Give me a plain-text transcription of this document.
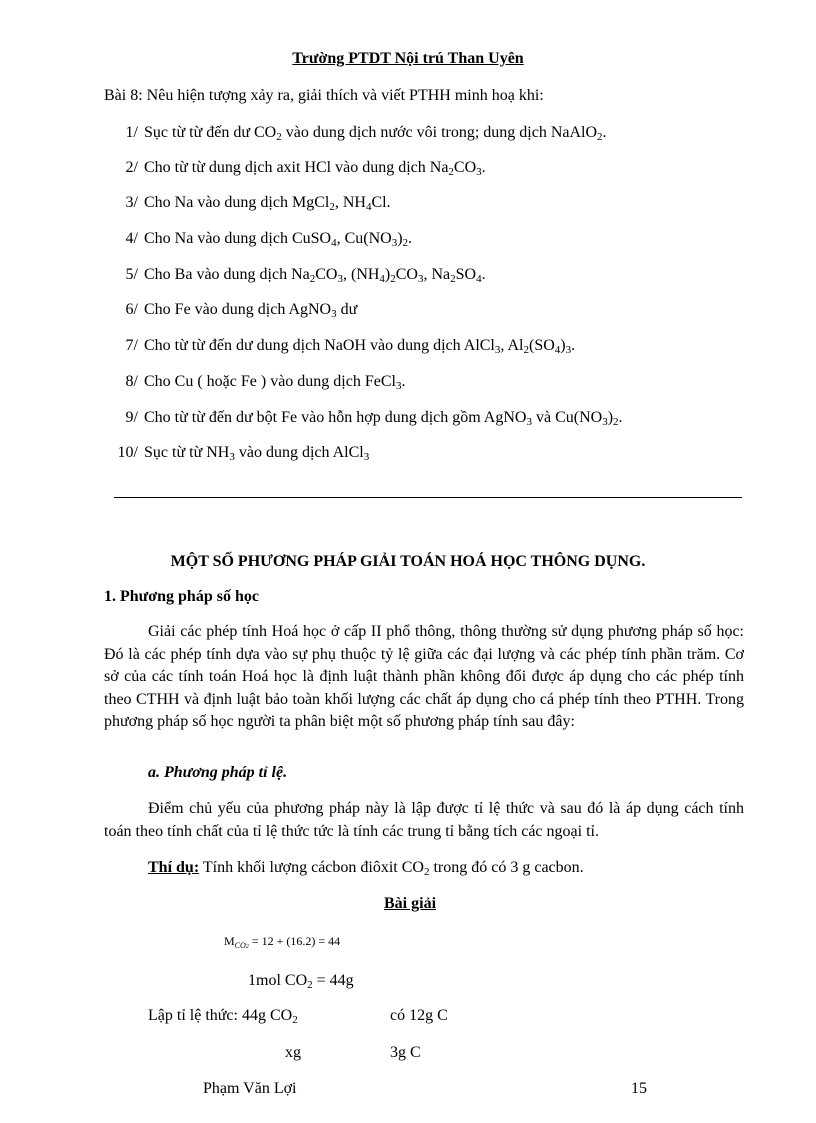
Trường PTDT Nội trú Than Uyên
Bài 8: Nêu hiện tượng xảy ra, giải thích và viết PTHH minh hoạ khi:
1/ Sục từ từ đến dư $CO_2$ vào dung dịch nước vôi trong; dung dịch NaAlO$_2$.
2/ Cho từ từ dung dịch axit HCl vào dung dịch $Na_2CO_3$.
3/ Cho Na vào dung dịch MgCl$_2$, $NH_4Cl$.
4/ Cho Na vào dung dịch CuSO$_4$, $Cu(NO_3)_2$.
5/ Cho Ba vào dung dịch $Na_2CO_3$, $(NH_4)_2CO_3$, $Na_2SO_4$.
6/ Cho Fe vào dung dịch AgNO$_3$ dư
7/ Cho từ từ đến dư dung dịch NaOH vào dung dịch AlCl$_3$, $Al_2(SO_4)_3$.
8/ Cho Cu ( hoặc Fe ) vào dung dịch FeCl$_3$.
9/ Cho từ từ đến dư bột Fe vào hỗn hợp dung dịch gồm AgNO$_3$ và $Cu(NO_3)_2$.
10/ Sục từ từ $NH_3$ vào dung dịch AlCl$_3$
MỘT SỐ PHƯƠNG PHÁP GIẢI TOÁN HOÁ HỌC THÔNG DỤNG.
1. Phương pháp số học

Giải các phép tính Hoá học ở cấp II phổ thông, thông thường sử dụng phương pháp số học: Đó là các phép tính dựa vào sự phụ thuộc tỷ lệ giữa các đại lượng và các phép tính phần trăm. Cơ sở của các tính toán Hoá học là định luật thành phần không đổi được áp dụng cho các phép tính theo CTHH và định luật bảo toàn khối lượng các chất áp dụng cho cá phép tính theo PTHH. Trong phương pháp số học người ta phân biệt một số phương pháp tính sau đây:

a. Phương pháp tỉ lệ.

Điểm chủ yếu của phương pháp này là lập được tỉ lệ thức và sau đó là áp dụng cách tính toán theo tính chất của tỉ lệ thức tức là tính các trung tỉ bằng tích các ngoại tỉ.

Thí dụ: Tính khối lượng cácbon điôxit $CO_2$ trong đó có 3 g cacbon.
Bài giải
$M_{CO2} = 12 + (16.2) = 44$
1mol $CO_2 = 44g$
Lập tỉ lệ thức: 44g $CO_2$	có 12g C
xg	3g C
Phạm Văn Lợi	15
